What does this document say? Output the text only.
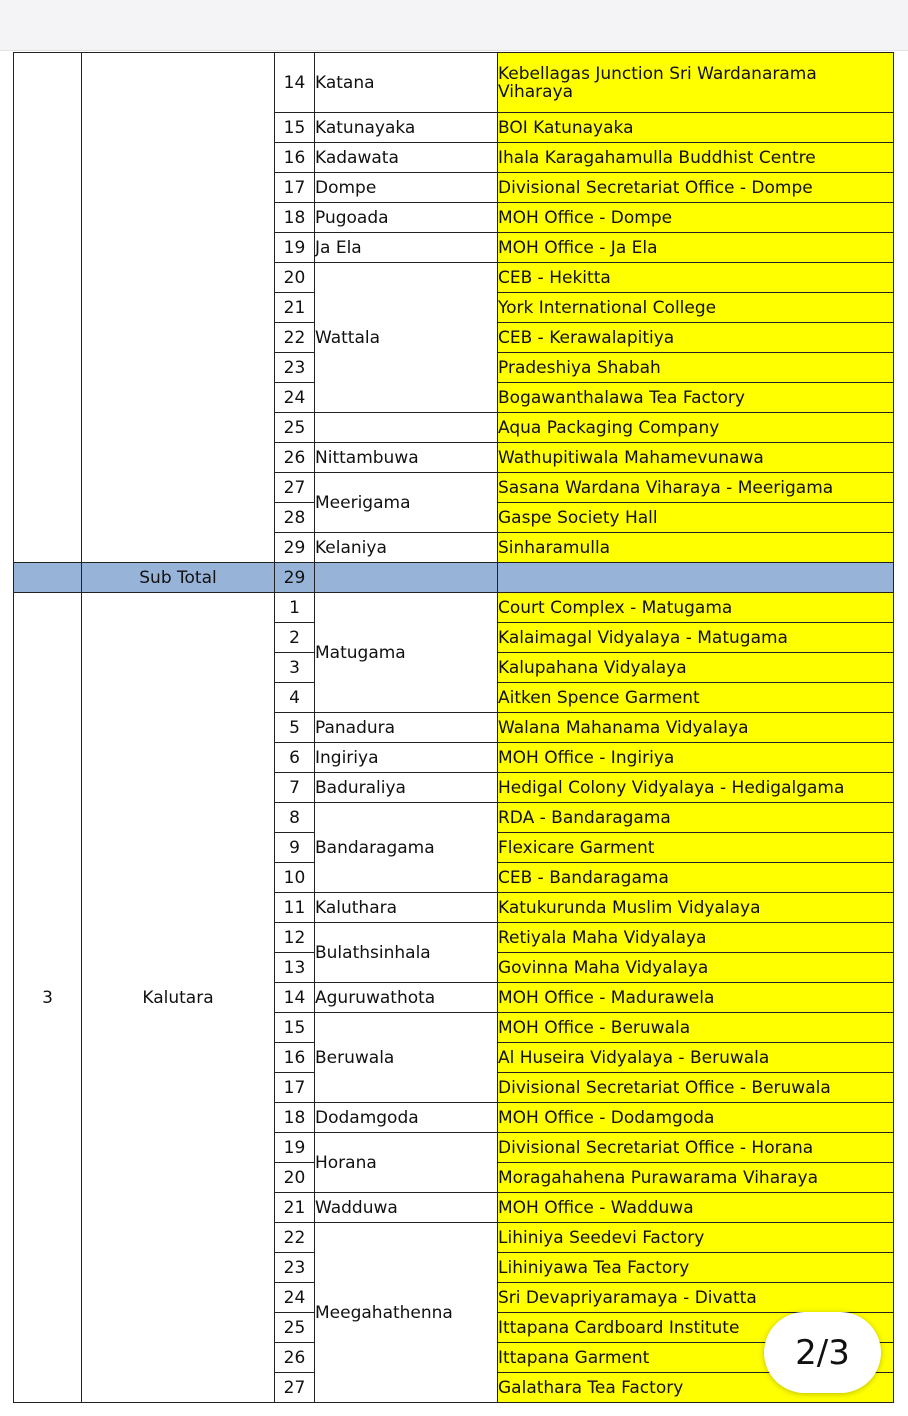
		14	Katana	Kebellagas Junction Sri Wardanarama Viharaya
		15	Katunayaka	BOI Katunayaka
		16	Kadawata	Ihala Karagahamulla Buddhist Centre
		17	Dompe	Divisional Secretariat Office - Dompe
		18	Pugoada	MOH Office - Dompe
		19	Ja Ela	MOH Office - Ja Ela
		20	Wattala	CEB - Hekitta
		21		York International College
		22		CEB - Kerawalapitiya
		23		Pradeshiya Shabah
		24		Bogawanthalawa Tea Factory
		25		Aqua Packaging Company
		26	Nittambuwa	Wathupitiwala Mahamevunawa
		27	Meerigama	Sasana Wardana Viharaya - Meerigama
		28		Gaspe Society Hall
		29	Kelaniya	Sinharamulla
	Sub Total	29		
3	Kalutara	1	Matugama	Court Complex - Matugama
		2		Kalaimagal Vidyalaya - Matugama
		3		Kalupahana Vidyalaya
		4		Aitken Spence Garment
		5	Panadura	Walana Mahanama Vidyalaya
		6	Ingiriya	MOH Office - Ingiriya
		7	Baduraliya	Hedigal Colony Vidyalaya - Hedigalgama
		8	Bandaragama	RDA - Bandaragama
		9		Flexicare Garment
		10		CEB - Bandaragama
		11	Kaluthara	Katukurunda Muslim Vidyalaya
		12	Bulathsinhala	Retiyala Maha Vidyalaya
		13		Govinna Maha Vidyalaya
		14	Aguruwathota	MOH Office - Madurawela
		15	Beruwala	MOH Office - Beruwala
		16		Al Huseira Vidyalaya - Beruwala
		17		Divisional Secretariat Office - Beruwala
		18	Dodamgoda	MOH Office - Dodamgoda
		19	Horana	Divisional Secretariat Office - Horana
		20		Moragahahena Purawarama Viharaya
		21	Wadduwa	MOH Office - Wadduwa
		22	Meegahathenna	Lihiniya Seedevi Factory
		23		Lihiniyawa Tea Factory
		24		Sri Devapriyaramaya - Divatta
		25		Ittapana Cardboard Institute
		26		Ittapana Garment
		27		Galathara Tea Factory
2/3
